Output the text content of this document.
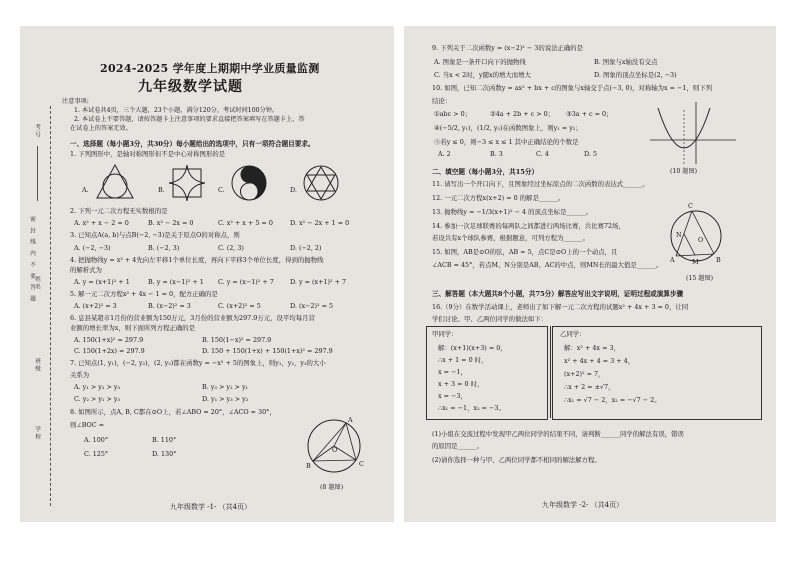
密 封 线 内 不 要 答 题
考号
姓名
班级
学校
2024-2025 学年度上期期中学业质量监测
九年级数学试题
注意事项:
1. 本试卷共4页，三个大题，23个小题，满分120分，考试时间100分钟。
2. 本试卷上不要答题，请按答题卡上注意事项的要求直接把答案填写在答题卡上，答
在试卷上的答案无效。
一、选择题（每小题3分，共30分）每小题给出的选项中，只有一项符合题目要求。
1. 下列图形中，是轴对称图形但不是中心对称图形的是
A.	B.	C.	D.
2. 下列一元二次方程无实数根的是
A. x² + x − 2 = 0	B. x² − 2x = 0	C. x² + x + 5 = 0	D. x² − 2x + 1 = 0
3. 已知点A(a, b)与点B(−2, −3)是关于原点O的对称点，则
A. (−2, −3)	B. (−2, 3)	C. (2, 3)	D. (−2, 2)
4. 把抛物线y = x² + 4先向左平移1个单位长度，再向下平移3个单位长度，得到的抛物线
的解析式为
A. y = (x+1)² + 1	B. y = (x−1)² + 1 C. y = (x−1)² + 7	D. y = (x+1)² + 7
5. 解一元二次方程x² + 4x − 1 = 0，配方正确的是
A. (x+2)² = 3	B. (x−2)² = 3	C. (x+2)² = 5	D. (x−2)² = 5
6. 息县某超市1月份的营业额为150万元，3月份的营业额为297.9万元，设平均每月营
业额的增长率为x，则下面所列方程正确的是
A. 150(1+x)² = 297.9	B. 150(1−x)² = 297.9
C. 150(1+2x) = 297.9	D. 150 + 150(1+x) + 150(1+x)² = 297.9
7. 已知点(1, y₁)，(−2, y₂)，(2, y₃)都在函数y = −x² + 5的图象上，则y₁，y₂，y₃的大小
关系为
A. y₁ > y₂ > y₃	B. y₃ > y₂ > y₁
C. y₂ > y₁ > y₃	D. y₁ > y₃ > y₂
8. 如图所示，点A, B, C都在⊙O上，若∠ABO = 20°，∠ACO = 30°，
则∠BOC =
A. 100°	B. 110°
C. 125°	D. 130°
A
B	C
O
(8 题图)
九年级数学 -1- （共4页）
9. 下列关于二次函数y = (x−2)² − 3的说法正确的是
A. 图象是一条开口向下的抛物线	B. 图象与x轴没有交点
C. 当x < 2时，y随x的增大而增大	D. 图象的顶点坐标是(2, −3)
10. 如图，已知二次函数y = ax² + bx + c的图象与x轴交于点(−3, 0)，对称轴为x = −1，则下列
结论：
①abc > 0；	②4a + 2b + c > 0； ③3a + c = 0；
④(−5/2, y₁)，(1/2, y₂)在函数图象上，则y₁ = y₂；
⑤若y ≤ 0，则−3 ≤ x ≤ 1 其中正确结论的个数是
A. 2	B. 3	C. 4	D. 5
(10 题图)
二、填空题（每小题3分，共15分）
11. 请写出一个开口向下，且图象经过坐标原点的二次函数的表达式______。
12. 一元二次方程x(x+2) = 0 的解是______。
13. 抛物线y = −1/3(x+1)² − 4 的顶点坐标是______。
14. 参加一次足球联赛的每两队之间都进行两场比赛，共比赛72场，
若设共有x个球队参赛，根据题意，可列方程为______。
15. 如图，AB是⊙O的弦，AB = 5，点C是⊙O上的一个动点，且
∠ACB = 45°，若点M、N分别是AB、AC的中点，则MN长的最大值是______。
C
N
O
A	M	B
(15 题图)
三、解答题（本大题共8个小题，共75分）解答应写出文字说明，证明过程或演算步骤
16.（9分）在数学活动课上，老师出了如下解一元二次方程的试题x² + 4x + 3 = 0，让同
学们讨论。甲、乙两位同学的做法如下：
甲同学：
解：(x+1)(x+3) = 0，
∴x + 1 = 0 时，
x = −1，
x + 3 = 0 时，
x = −3，
∴x₁ = −1，x₂ = −3。
乙同学：
解：x² + 4x = 3，
x² + 4x + 4 = 3 + 4，
(x+2)² = 7，
∴x + 2 = ±√7，
∴x₁ = √7 − 2，x₂ = −√7 − 2。
(1)小组在交流过程中发现甲乙两位同学的结果不同，请判断______同学的解法有误，错误
的原因是______。
(2)请你选择一种与甲、乙两位同学都不相同的解法解方程。
九年级数学 -2- （共4页）
